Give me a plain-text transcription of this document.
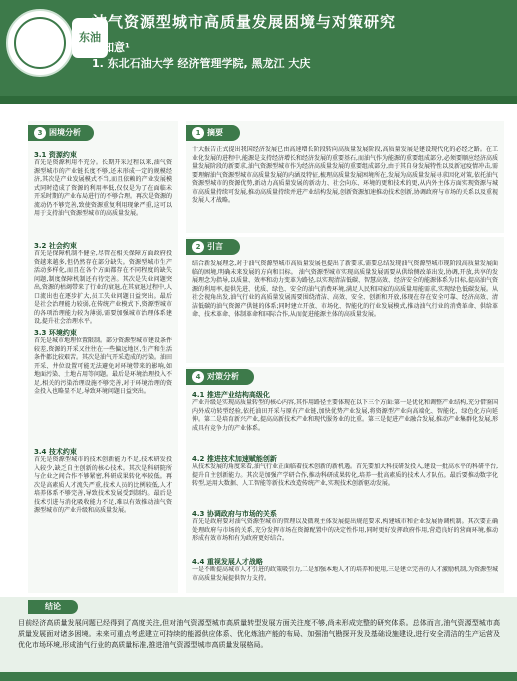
东油
油气资源型城市高质量发展困境与对策研究
王知意¹
1. 东北石油大学 经济管理学院, 黑龙江 大庆
3 困境分析
3.1 资源约束
首先是资源利用不充分。长期开采过程以来,油气资源型城市的产业链长度不够,还未形成一定的规模经济,其次是产业发展模式不当,而且依赖的产业发展模式同时造成了资源的利用率低,仅仅是为了在面临未开采时期的产业布局进行的不够合理。再次是资源的流动仍不够完善,致使资源重复利用现象严重,这可以用于支持油气资源型城市的高质量发展。
3.2 社会约束
首先是保障机制不健全,尽管在相关保障方面政府投资越来越多,但仍然存在部分缺失。资源型城市生产活动多样化,而且在各个方面都存在不同程度的缺失问题,制度保障机制还有待完善。其次是失业问题突出,资源的枯竭带来了行业的衰退,在其衰退过程中,人口流出也在逐步扩大,员工失业问题日益突出。最后是社会治理能力较弱,在传统产业模式下,资源型城市的各项治理能力较为薄弱,需要加强城市治理体系建设,提升社会治理水平。
3.3 环境约束
首先是城市地理位置限制。部分资源型城市建设条件较差,资源的开采又往往在一些偏远地区,生产和生活条件都比较艰苦。其次是油气开采造成的污染。油田开采、井位设置可能无法避免对环境带来的影响,如地面污染、土地占用等问题。最后是环境治理投入不足,相关的污染治理设施不够完善,对于环境治理的资金投入也略显不足,导致环境问题日益突出。
3.4 技术约束
首先是资源型城市的技术创新能力不足,技术研发投入较少,缺乏自主创新的核心技术。其次是科研院所与企业之间合作不够紧密,科研成果转化率较低。再次是高素质人才流失严重,技术人员的比例较低,人才培养体系不够完善,导致技术发展受到制约。最后是技术引进与消化吸收能力不足,难以有效推动油气资源型城市的产业升级和高质量发展。
1 摘要
十大报告正式提出我国经济发展已由高速增长阶段转向高质量发展阶段,高质量发展是建设现代化的必经之路。在工业化发展的进程中,能源是支持经济增长和经济发展的重要基石,而油气作为能源的重要组成部分,必须要顺应经济高质量发展阶段的新要求,油气资源型城市作为经济高质量发展的重要组成部分,由于其自身发展特性以及新冠疫情冲击,需要理解油气资源型城市高质量发展的内涵及特征,梳理高质量发展困境所在,发展为高质量发展寻求因化对策,依托油气资源型城市的资源优势,新动力高质量发展的新动力、社会向东、环境的更和技术的更,从内外主体方面实现资源与城市高质量持续可发展,推动高质量持续并进产业结构发展,创新资源加速推动技术创新,协调政府与市场的关系以及重视发展人才战略。
2 引言
结合新发展理念,对于油气资源型城市高质量发展也提出了新要求,需要总结发现油气资源型城市现阶段高质量发展面临的困境,明确未来发展的方向和目标。 油气资源型城市实现高质量发展需要从供给侧改革出发,协调,开放,共享的发展理念为指导,以质量、效率和动力变革为路径,以实现清洁低碳、智慧高效、经济安全的能源体系为目标,提高油气资源的利用率,提供先进、优质、绿色、安全的油气消费环境,满足人民和国家的高质量用能需求,实现绿色低碳发展。从社会视角出发,油气行业的高质量发展需要围绕清洁、高效、安全、创新和开放,体现在存在安全可靠、经济高效、清洁低碳的油气资源产供链的体系;同时建立开放、市场化、智能化的行业发展模式,推动油气行业的消费革命、供给革命、技术革命、体制革命和国际合作,从而促进能源主体的高质量发展。
4 对策分析
4.1 推进产业结构高级化
产业升级是实现高质量转型的核心内容,其作用路径主要体现在以下三个方面:第一是优化和调整产业结构,充分借鉴国内外成功转型经验,依托油田开采与原有产业链,加快优势产业发展,将资源型产业向高端化、智能化、绿色化方向延伸。第二是培育新兴产业,提高高新技术产业和现代服务业的比重。第三是促进产业融合发展,推动产业集群化发展,形成具有竞争力的产业体系。
4.2 推进技术加速赋能创新
从技术发展的角度来看,油气行业正面临着技术创新的新机遇。首先要加大科技研发投入,建设一批高水平的科研平台,提升自主创新能力。其次是加强产学研合作,推动科研成果转化,培养一批高素质的技术人才队伍。最后要推动数字化转型,运用大数据、人工智能等新技术改造传统产业,实现技术创新驱动发展。
4.3 协调政府与市场的关系
首先是政府要对油气资源型城市的管理以及微观主体发展提出规范要求,构建城市和企业发展协调机制。其次要正确处理政府与市场的关系,充分发挥市场在资源配置中的决定性作用,同时更好发挥政府作用,营造良好的营商环境,推动形成有效市场和有为政府更好结合。
4.4 重视发展人才战略
一是不断提高城市人才引进的政策吸引力,二是加强本地人才的培养和使用,三是建立完善的人才激励机制,为资源型城市高质量发展提供智力支持。
结论
目前经济高质量发展问题已经得到了高度关注,但对油气资源型城市高质量转型发展方面关注度不够,尚未形成完整的研究体系。总体而言,油气资源型城市高质量发展面对诸多困境。未来可重点考虑建立可持续的能源供应体系、优化炼油产能的布局、加强油气勘探开发及基础设施建设,进行安全清洁的生产运营及优化市场环境,形成油气行业的高质量标准,推进油气资源型城市高质量发展格局。
